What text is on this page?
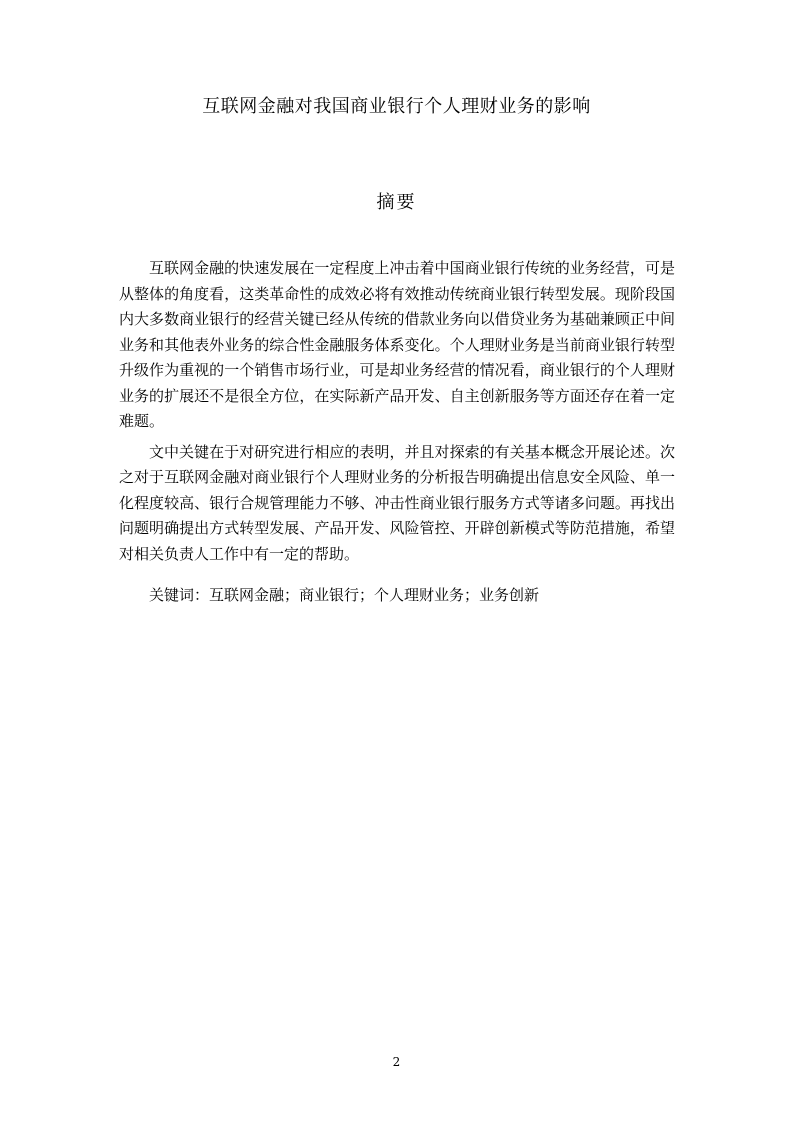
互联网金融对我国商业银行个人理财业务的影响
摘要

互联网金融的快速发展在一定程度上冲击着中国商业银行传统的业务经营，可是从整体的角度看，这类革命性的成效必将有效推动传统商业银行转型发展。现阶段国内大多数商业银行的经营关键已经从传统的借款业务向以借贷业务为基础兼顾正中间业务和其他表外业务的综合性金融服务体系变化。个人理财业务是当前商业银行转型升级作为重视的一个销售市场行业，可是却业务经营的情况看，商业银行的个人理财业务的扩展还不是很全方位，在实际新产品开发、自主创新服务等方面还存在着一定难题。

文中关键在于对研究进行相应的表明，并且对探索的有关基本概念开展论述。次之对于互联网金融对商业银行个人理财业务的分析报告明确提出信息安全风险、单一化程度较高、银行合规管理能力不够、冲击性商业银行服务方式等诸多问题。再找出问题明确提出方式转型发展、产品开发、风险管控、开辟创新模式等防范措施，希望对相关负责人工作中有一定的帮助。

关键词：互联网金融；商业银行；个人理财业务；业务创新

2
